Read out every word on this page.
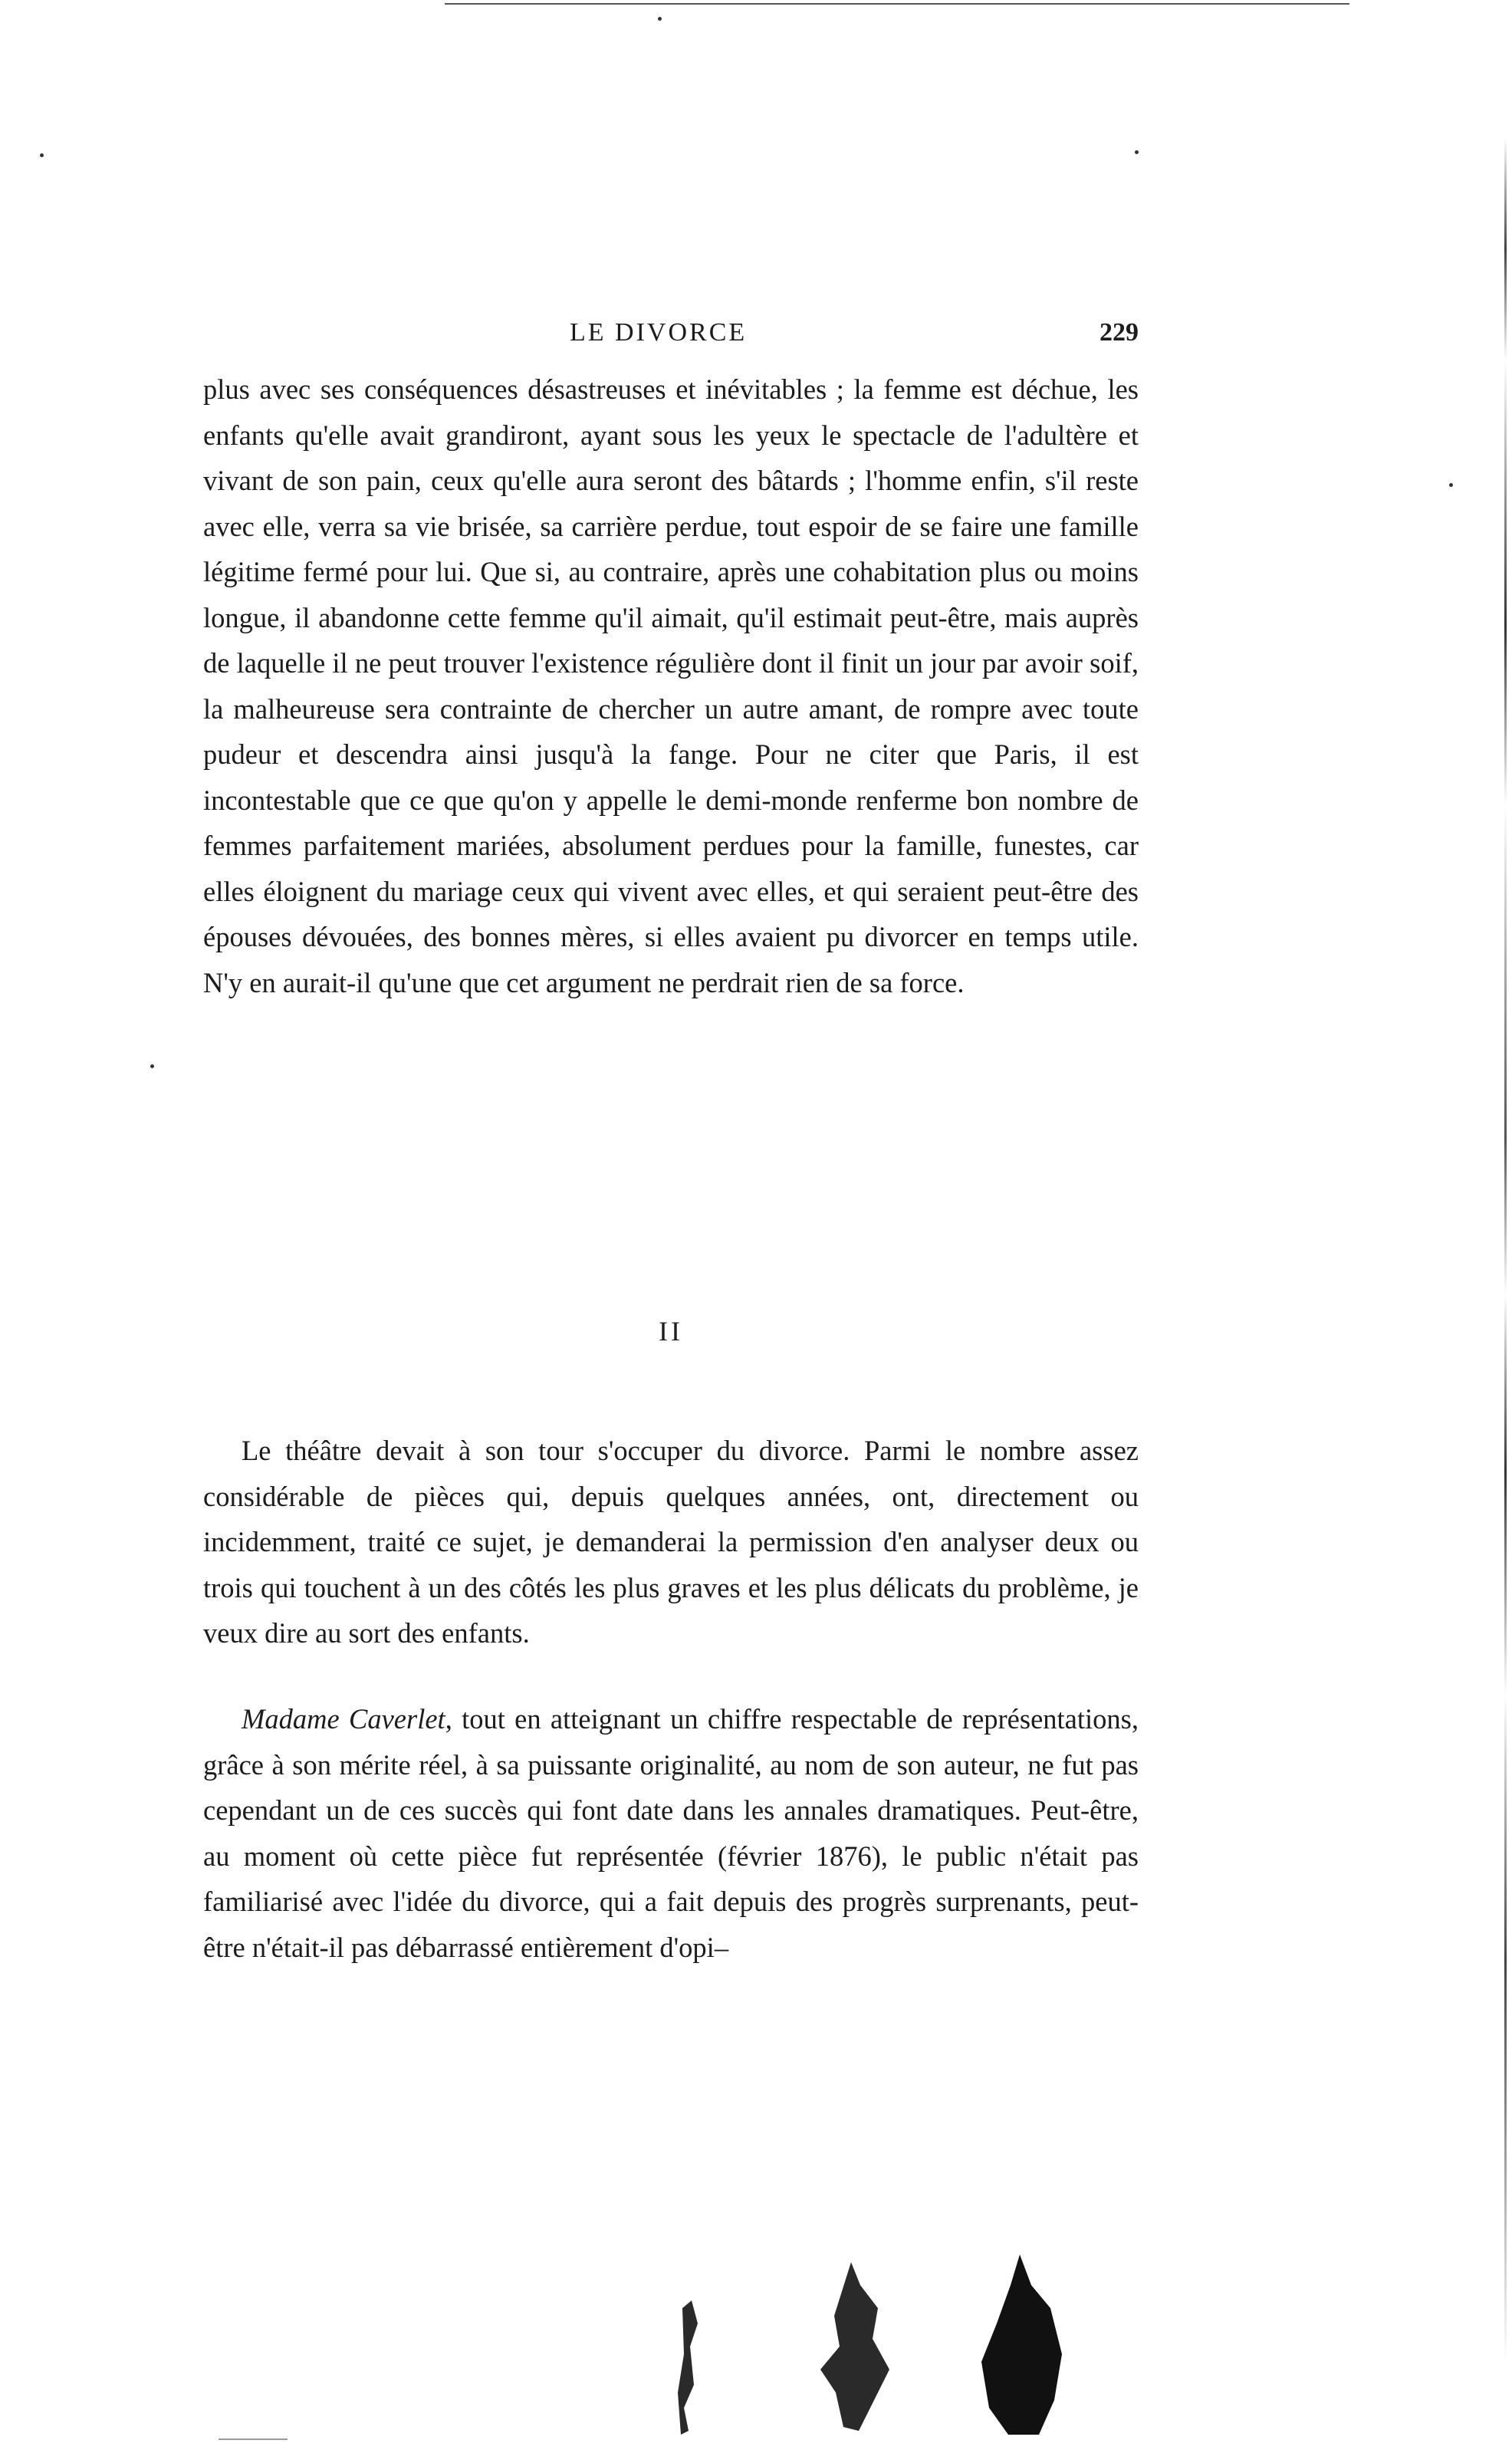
LE DIVORCE	229
plus avec ses conséquences désastreuses et inévitables ; la femme est déchue, les enfants qu'elle avait grandiront, ayant sous les yeux le spectacle de l'adultère et vivant de son pain, ceux qu'elle aura seront des bâtards ; l'homme enfin, s'il reste avec elle, verra sa vie brisée, sa carrière perdue, tout espoir de se faire une famille légitime fermé pour lui. Que si, au contraire, après une cohabitation plus ou moins longue, il abandonne cette femme qu'il aimait, qu'il estimait peut-être, mais auprès de laquelle il ne peut trouver l'existence régulière dont il finit un jour par avoir soif, la malheureuse sera contrainte de chercher un autre amant, de rompre avec toute pudeur et descendra ainsi jusqu'à la fange. Pour ne citer que Paris, il est incontestable que ce que qu'on y appelle le demi-monde renferme bon nombre de femmes parfaitement mariées, absolument perdues pour la famille, funestes, car elles éloignent du mariage ceux qui vivent avec elles, et qui seraient peut-être des épouses dévouées, des bonnes mères, si elles avaient pu divorcer en temps utile. N'y en aurait-il qu'une que cet argument ne perdrait rien de sa force.
II

Le théâtre devait à son tour s'occuper du divorce. Parmi le nombre assez considérable de pièces qui, depuis quelques années, ont, directement ou incidemment, traité ce sujet, je demanderai la permission d'en analyser deux ou trois qui touchent à un des côtés les plus graves et les plus délicats du problème, je veux dire au sort des enfants.

Madame Caverlet, tout en atteignant un chiffre respectable de représentations, grâce à son mérite réel, à sa puissante originalité, au nom de son auteur, ne fut pas cependant un de ces succès qui font date dans les annales dramatiques. Peut-être, au moment où cette pièce fut représentée (février 1876), le public n'était pas familiarisé avec l'idée du divorce, qui a fait depuis des progrès surprenants, peut-être n'était-il pas débarrassé entièrement d'opi–
